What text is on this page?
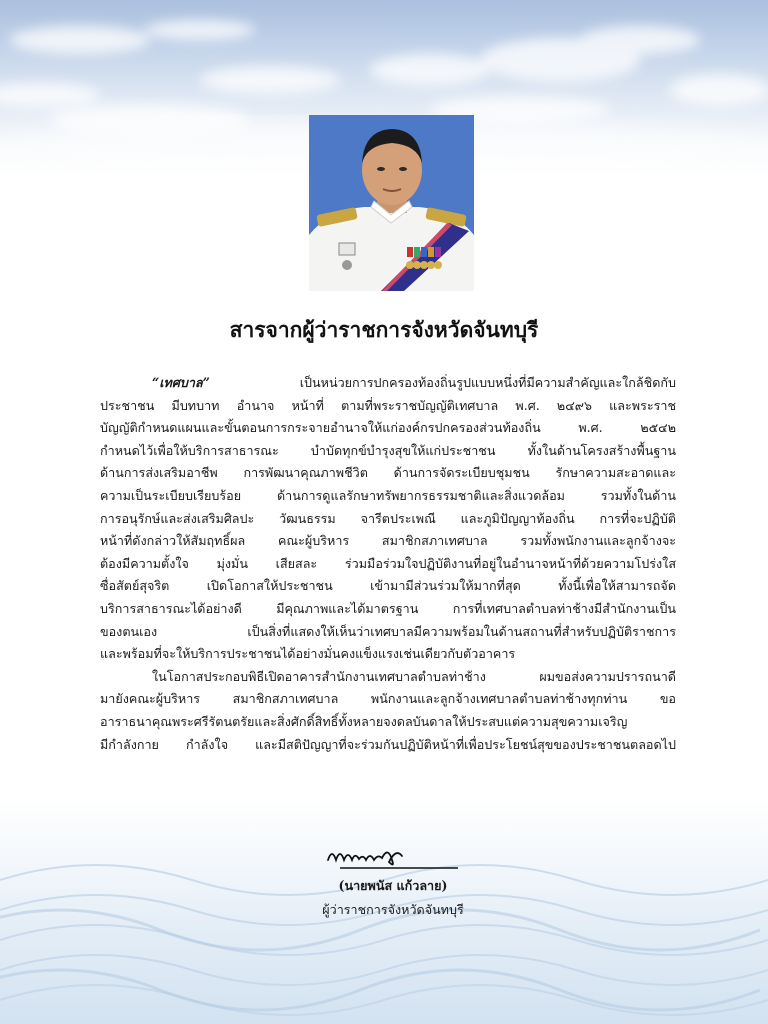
สารจากผู้ว่าราชการจังหวัดจันทบุรี
“เทศบาล”	เป็นหน่วยการปกครองท้องถิ่นรูปแบบหนึ่งที่มีความสำคัญและใกล้ชิดกับ
ประชาชน มีบทบาท อำนาจ หน้าที่ ตามที่พระราชบัญญัติเทศบาล พ.ศ. ๒๔๙๖ และพระราช
บัญญัติกำหนดแผนและขั้นตอนการกระจายอำนาจให้แก่องค์กรปกครองส่วนท้องถิ่น พ.ศ. ๒๕๔๒
กำหนดไว้เพื่อให้บริการสาธารณะ บำบัดทุกข์บำรุงสุขให้แก่ประชาชน ทั้งในด้านโครงสร้างพื้นฐาน
ด้านการส่งเสริมอาชีพ การพัฒนาคุณภาพชีวิต ด้านการจัดระเบียบชุมชน รักษาความสะอาดและ
ความเป็นระเบียบเรียบร้อย ด้านการดูแลรักษาทรัพยากรธรรมชาติและสิ่งแวดล้อม รวมทั้งในด้าน
การอนุรักษ์และส่งเสริมศิลปะ วัฒนธรรม จารีตประเพณี และภูมิปัญญาท้องถิ่น การที่จะปฏิบัติ
หน้าที่ดังกล่าวให้สัมฤทธิ์ผล คณะผู้บริหาร สมาชิกสภาเทศบาล รวมทั้งพนักงานและลูกจ้างจะ
ต้องมีความตั้งใจ มุ่งมั่น เสียสละ ร่วมมือร่วมใจปฏิบัติงานที่อยู่ในอำนาจหน้าที่ด้วยความโปร่งใส
ซื่อสัตย์สุจริต เปิดโอกาสให้ประชาชน เข้ามามีส่วนร่วมให้มากที่สุด ทั้งนี้เพื่อให้สามารถจัด
บริการสาธารณะได้อย่างดี มีคุณภาพและได้มาตรฐาน การที่เทศบาลตำบลท่าช้างมีสำนักงานเป็น
ของตนเอง เป็นสิ่งที่แสดงให้เห็นว่าเทศบาลมีความพร้อมในด้านสถานที่สำหรับปฏิบัติราชการ
และพร้อมที่จะให้บริการประชาชนได้อย่างมั่นคงแข็งแรงเช่นเดียวกับตัวอาคาร
ในโอกาสประกอบพิธีเปิดอาคารสำนักงานเทศบาลตำบลท่าช้าง ผมขอส่งความปรารถนาดี
มายังคณะผู้บริหาร สมาชิกสภาเทศบาล พนักงานและลูกจ้างเทศบาลตำบลท่าช้างทุกท่าน ขอ
อาราธนาคุณพระศรีรัตนตรัยและสิ่งศักดิ์สิทธิ์ทั้งหลายจงดลบันดาลให้ประสบแต่ความสุขความเจริญ
มีกำลังกาย กำลังใจ และมีสติปัญญาที่จะร่วมกันปฏิบัติหน้าที่เพื่อประโยชน์สุขของประชาชนตลอดไป
(นายพนัส แก้วลาย)
ผู้ว่าราชการจังหวัดจันทบุรี
